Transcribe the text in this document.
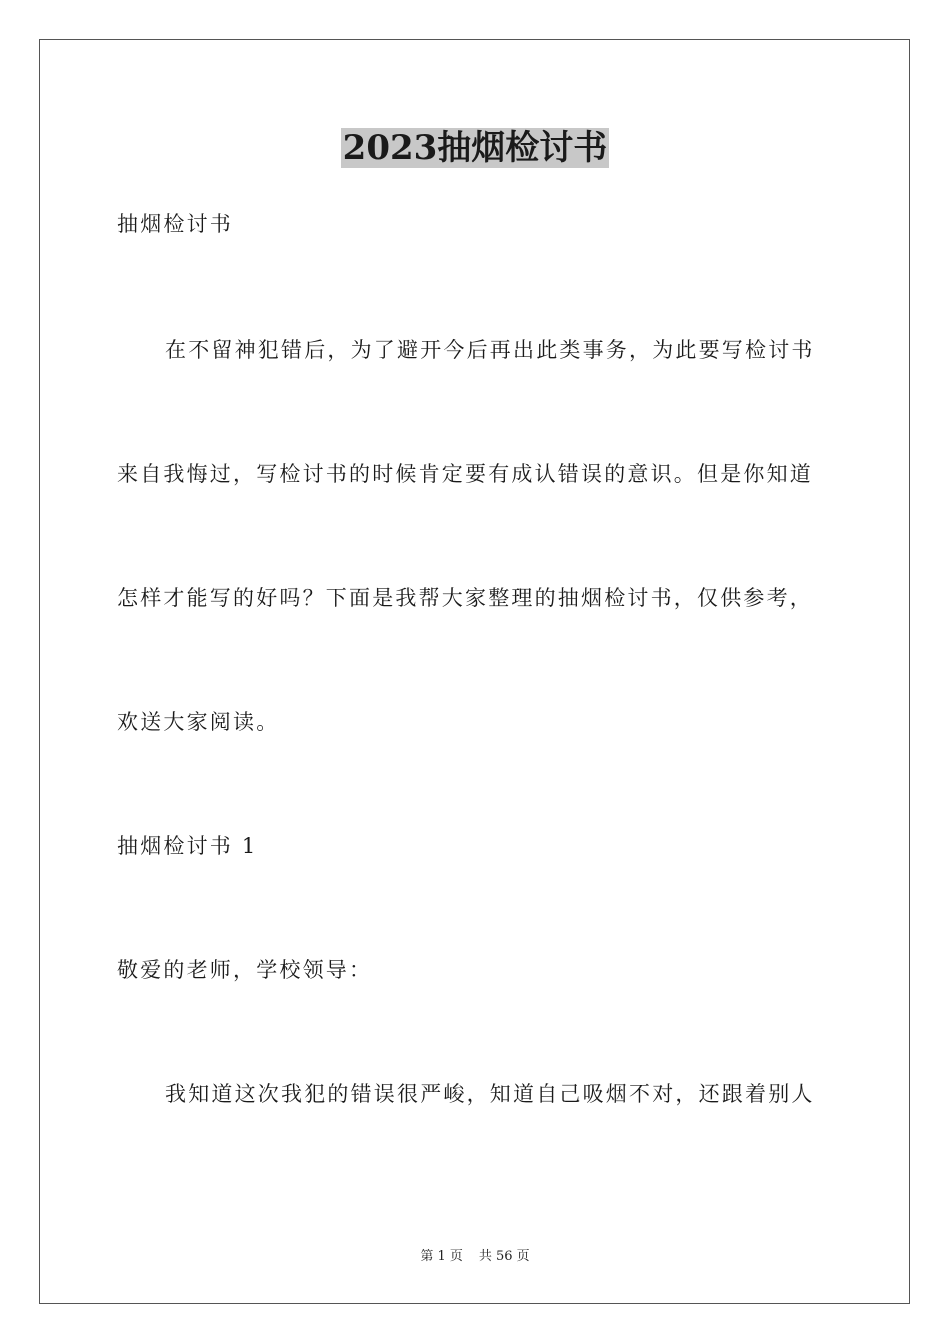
2023抽烟检讨书
抽烟检讨书
在不留神犯错后，为了避开今后再出此类事务，为此要写检讨书
来自我悔过，写检讨书的时候肯定要有成认错误的意识。但是你知道
怎样才能写的好吗？下面是我帮大家整理的抽烟检讨书，仅供参考，
欢送大家阅读。
抽烟检讨书 1
敬爱的老师，学校领导：
我知道这次我犯的错误很严峻，知道自己吸烟不对，还跟着别人
第 1 页 共 56 页
